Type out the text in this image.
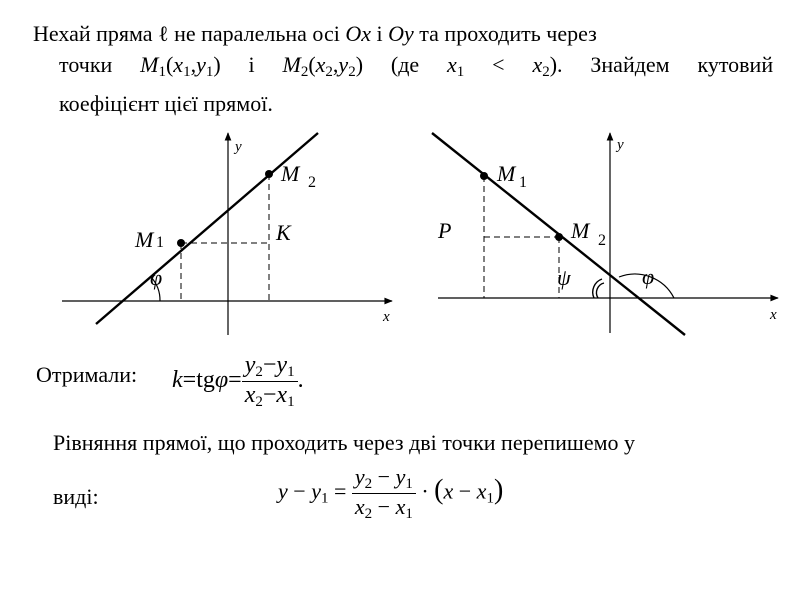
Нехай пряма ℓ не паралельна осі Ox і Oy та проходить через

точки $M_1(x_1,y_1)$ і $M_2(x_2,y_2)$ (де $x_1 < x_2$). Знайдем кутовий

коефіцієнт цієї прямої.

y
x
φ
M 1
M 2
K
y
x
ψ	φ
M 1
M 2
P
Отримали: $k=tg\varphi= \frac{y_2-y_1}{x_2-x_1}$ .
Рівняння прямої, що проходить через дві точки перепишемо у
виді:	$y - y_1 = \frac{y_2 - y_1}{x_2 - x_1} \cdot (x - x_1)$
